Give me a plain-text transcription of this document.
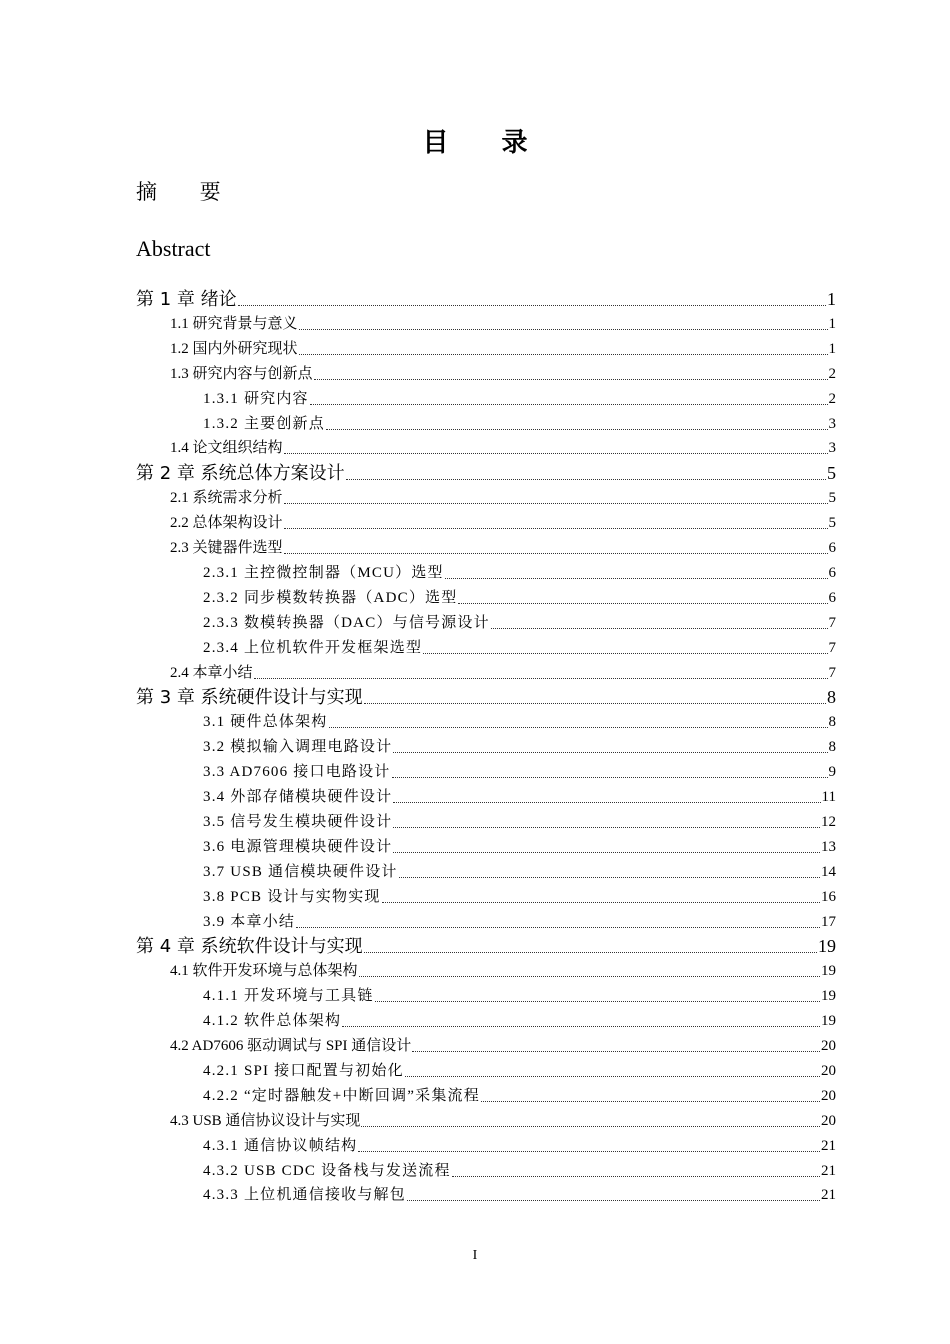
目 录
摘 要
Abstract
第 1 章 绪论	1
1.1 研究背景与意义	1
1.2 国内外研究现状	1
1.3 研究内容与创新点	2
1.3.1 研究内容	2
1.3.2 主要创新点	3
1.4 论文组织结构	3
第 2 章 系统总体方案设计	5
2.1 系统需求分析	5
2.2 总体架构设计	5
2.3 关键器件选型	6
2.3.1 主控微控制器（MCU）选型	6
2.3.2 同步模数转换器（ADC）选型	6
2.3.3 数模转换器（DAC）与信号源设计	7
2.3.4 上位机软件开发框架选型	7
2.4 本章小结	7
第 3 章 系统硬件设计与实现	8
3.1 硬件总体架构	8
3.2 模拟输入调理电路设计	8
3.3 AD7606 接口电路设计	9
3.4 外部存储模块硬件设计	11
3.5 信号发生模块硬件设计	12
3.6 电源管理模块硬件设计	13
3.7 USB 通信模块硬件设计	14
3.8 PCB 设计与实物实现	16
3.9 本章小结	17
第 4 章 系统软件设计与实现	19
4.1 软件开发环境与总体架构	19
4.1.1 开发环境与工具链	19
4.1.2 软件总体架构	19
4.2 AD7606 驱动调试与 SPI 通信设计	20
4.2.1 SPI 接口配置与初始化	20
4.2.2 “定时器触发+中断回调”采集流程	20
4.3 USB 通信协议设计与实现	20
4.3.1 通信协议帧结构	21
4.3.2 USB CDC 设备栈与发送流程	21
4.3.3 上位机通信接收与解包	21
I
